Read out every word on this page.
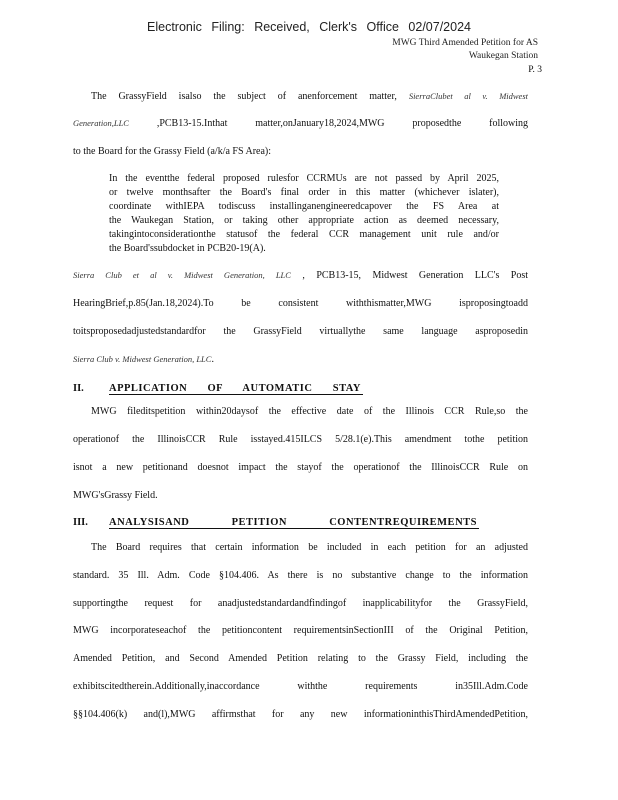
Electronic Filing: Received, Clerk's Office 02/07/2024
MWG Third Amended Petition for AS
Waukegan Station
P. 3
The GrassyField isalso the subject of anenforcement matter, SierraClubet al v. Midwest
Generation,LLC	,PCB13-15.Inthat matter,onJanuary18,2024,MWG proposedthe following
to the Board for the Grassy Field (a/k/a FS Area):
In the eventthe federal proposed rulesfor CCRMUs are not passed by April 2025,
or twelve monthsafter the Board's final order in this matter (whichever islater),
coordinate withIEPA todiscuss installinganengineeredcapover the FS Area at
the Waukegan Station, or taking other appropriate action as deemed necessary,
takingintoconsiderationthe statusof the federal CCR management unit rule and/or
the Board'ssubdocket in PCB20-19(A).
Sierra Club et al v. Midwest Generation, LLC , PCB13-15, Midwest Generation LLC's Post
HearingBrief,p.85(Jan.18,2024).To be consistent withthismatter,MWG isproposingtoadd
toitsproposedadjustedstandardfor the GrassyField virtuallythe same language asproposedin
Sierra Club v. Midwest Generation, LLC.
II. APPLICATION OF AUTOMATIC STAY
MWG fileditspetition within20daysof the effective date of the Illinois CCR Rule,so the
operationof the IllinoisCCR Rule isstayed.415ILCS 5/28.1(e).This amendment tothe petition
isnot a new petitionand doesnot impact the stayof the operationof the IllinoisCCR Rule on
MWG'sGrassy Field.
III. ANALYSISAND PETITION CONTENTREQUIREMENTS
The Board requires that certain information be included in each petition for an adjusted
standard. 35 Ill. Adm. Code §104.406. As there is no substantive change to the information
supportingthe request for anadjustedstandardandfindingof inapplicabilityfor the GrassyField,
MWG incorporateseachof the petitioncontent requirementsinSectionIII of the Original Petition,
Amended Petition, and Second Amended Petition relating to the Grassy Field, including the
exhibitscitedtherein.Additionally,inaccordance withthe requirements in35Ill.Adm.Code
§§104.406(k) and(l),MWG affirmsthat for any new informationinthisThirdAmendedPetition,
